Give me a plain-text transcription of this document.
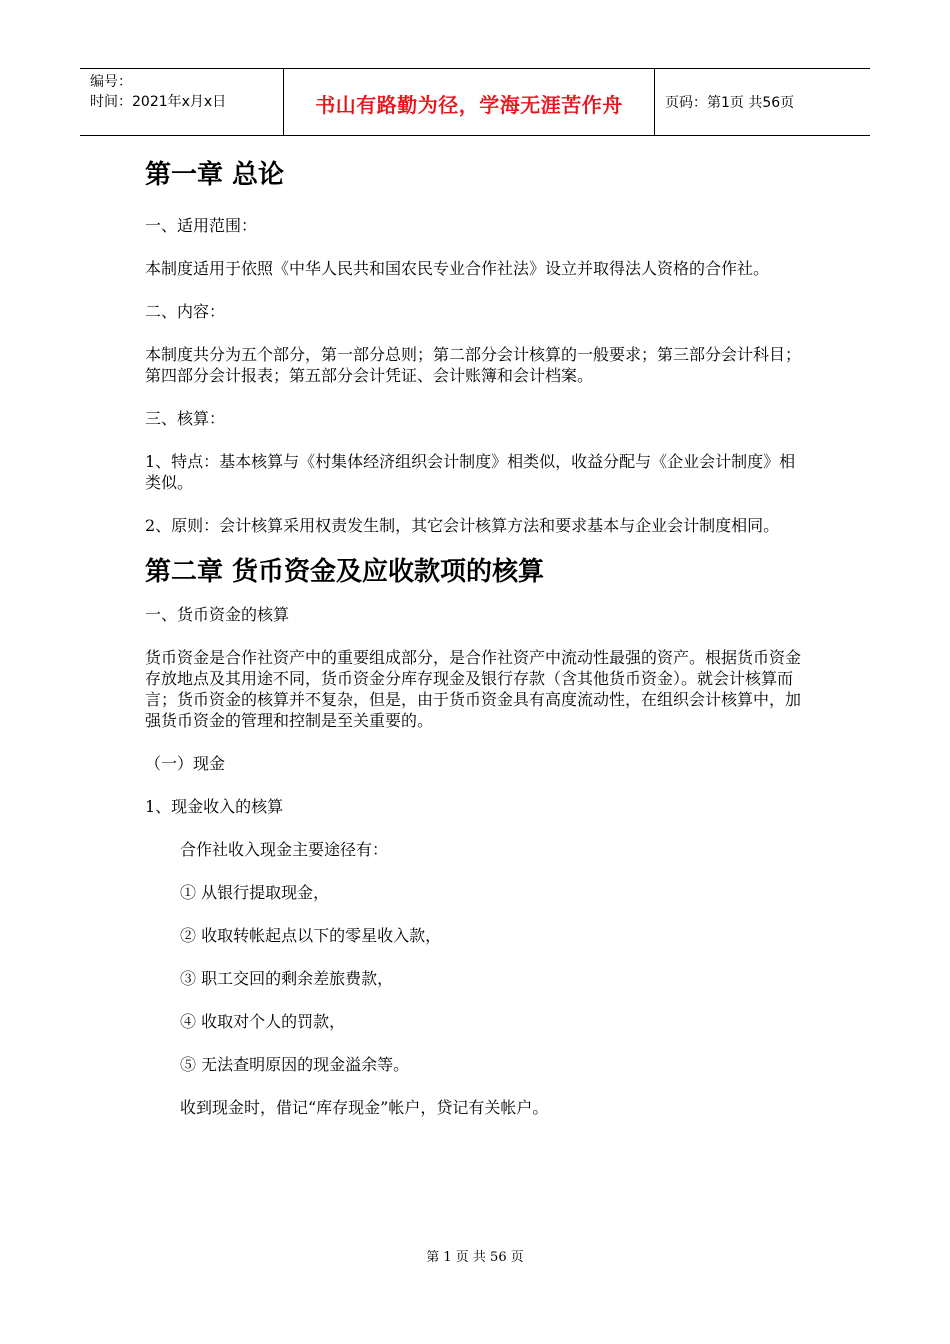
编号：
时间：2021年x月x日	书山有路勤为径，学海无涯苦作舟	页码：第1页 共56页
第一章 总论

一、适用范围：

本制度适用于依照《中华人民共和国农民专业合作社法》设立并取得法人资格的合作社。

二、内容：

本制度共分为五个部分，第一部分总则；第二部分会计核算的一般要求；第三部分会计科目；第四部分会计报表；第五部分会计凭证、会计账簿和会计档案。

三、核算：

1、特点：基本核算与《村集体经济组织会计制度》相类似，收益分配与《企业会计制度》相类似。

2、原则：会计核算采用权责发生制，其它会计核算方法和要求基本与企业会计制度相同。

第二章 货币资金及应收款项的核算

一、货币资金的核算

货币资金是合作社资产中的重要组成部分，是合作社资产中流动性最强的资产。根据货币资金存放地点及其用途不同，货币资金分库存现金及银行存款（含其他货币资金）。就会计核算而言；货币资金的核算并不复杂，但是，由于货币资金具有高度流动性，在组织会计核算中，加强货币资金的管理和控制是至关重要的。

（一）现金

1、现金收入的核算

合作社收入现金主要途径有：

① 从银行提取现金，

② 收取转帐起点以下的零星收入款，

③ 职工交回的剩余差旅费款，

④ 收取对个人的罚款，

⑤ 无法查明原因的现金溢余等。

收到现金时，借记“库存现金”帐户，贷记有关帐户。

第 1 页 共 56 页
